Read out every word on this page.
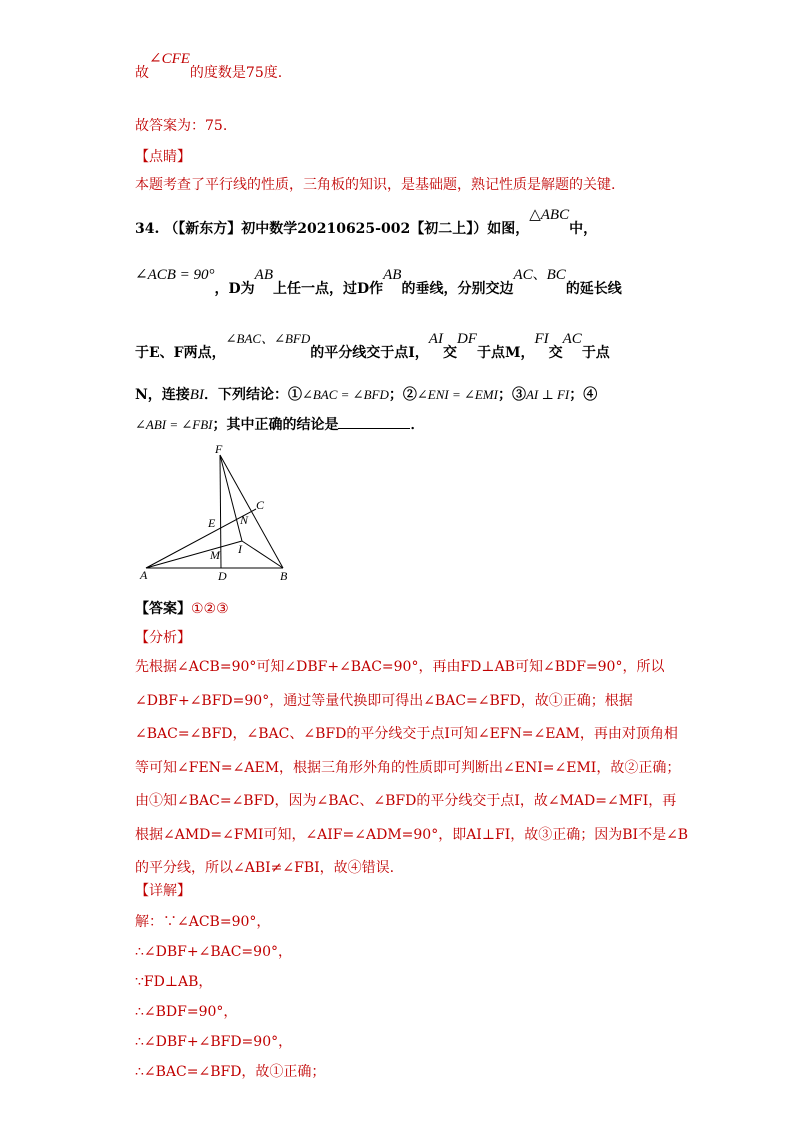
故∠CFE的度数是75度.
故答案为：75.
【点睛】
本题考查了平行线的性质，三角板的知识，是基础题，熟记性质是解题的关键.
34. （【新东方】初中数学20210625-002【初二上】）如图，△ABC中，
∠ACB = 90°，D为AB上任一点，过D作AB的垂线，分别交边AC、BC的延长线
于E、F两点，∠BAC、∠BFD的平分线交于点I，AI交DF于点M，FI交AC于点
N，连接BI．下列结论：①∠BAC = ∠BFD；②∠ENI = ∠EMI；③AI ⊥ FI；④
∠ABI = ∠FBI；其中正确的结论是	．
F
C
E N
M I
A	D	B
【答案】①②③
【分析】
先根据∠ACB=90°可知∠DBF+∠BAC=90°，再由FD⊥AB可知∠BDF=90°，所以
∠DBF+∠BFD=90°，通过等量代换即可得出∠BAC=∠BFD，故①正确；根据
∠BAC=∠BFD，∠BAC、∠BFD的平分线交于点I可知∠EFN=∠EAM，再由对顶角相
等可知∠FEN=∠AEM，根据三角形外角的性质即可判断出∠ENI=∠EMI，故②正确；
由①知∠BAC=∠BFD，因为∠BAC、∠BFD的平分线交于点I，故∠MAD=∠MFI，再
根据∠AMD=∠FMI可知，∠AIF=∠ADM=90°，即AI⊥FI，故③正确；因为BI不是∠B
的平分线，所以∠ABI≠∠FBI，故④错误.
【详解】
解：∵∠ACB=90°，
∴∠DBF+∠BAC=90°，
∵FD⊥AB，
∴∠BDF=90°，
∴∠DBF+∠BFD=90°，
∴∠BAC=∠BFD，故①正确；
